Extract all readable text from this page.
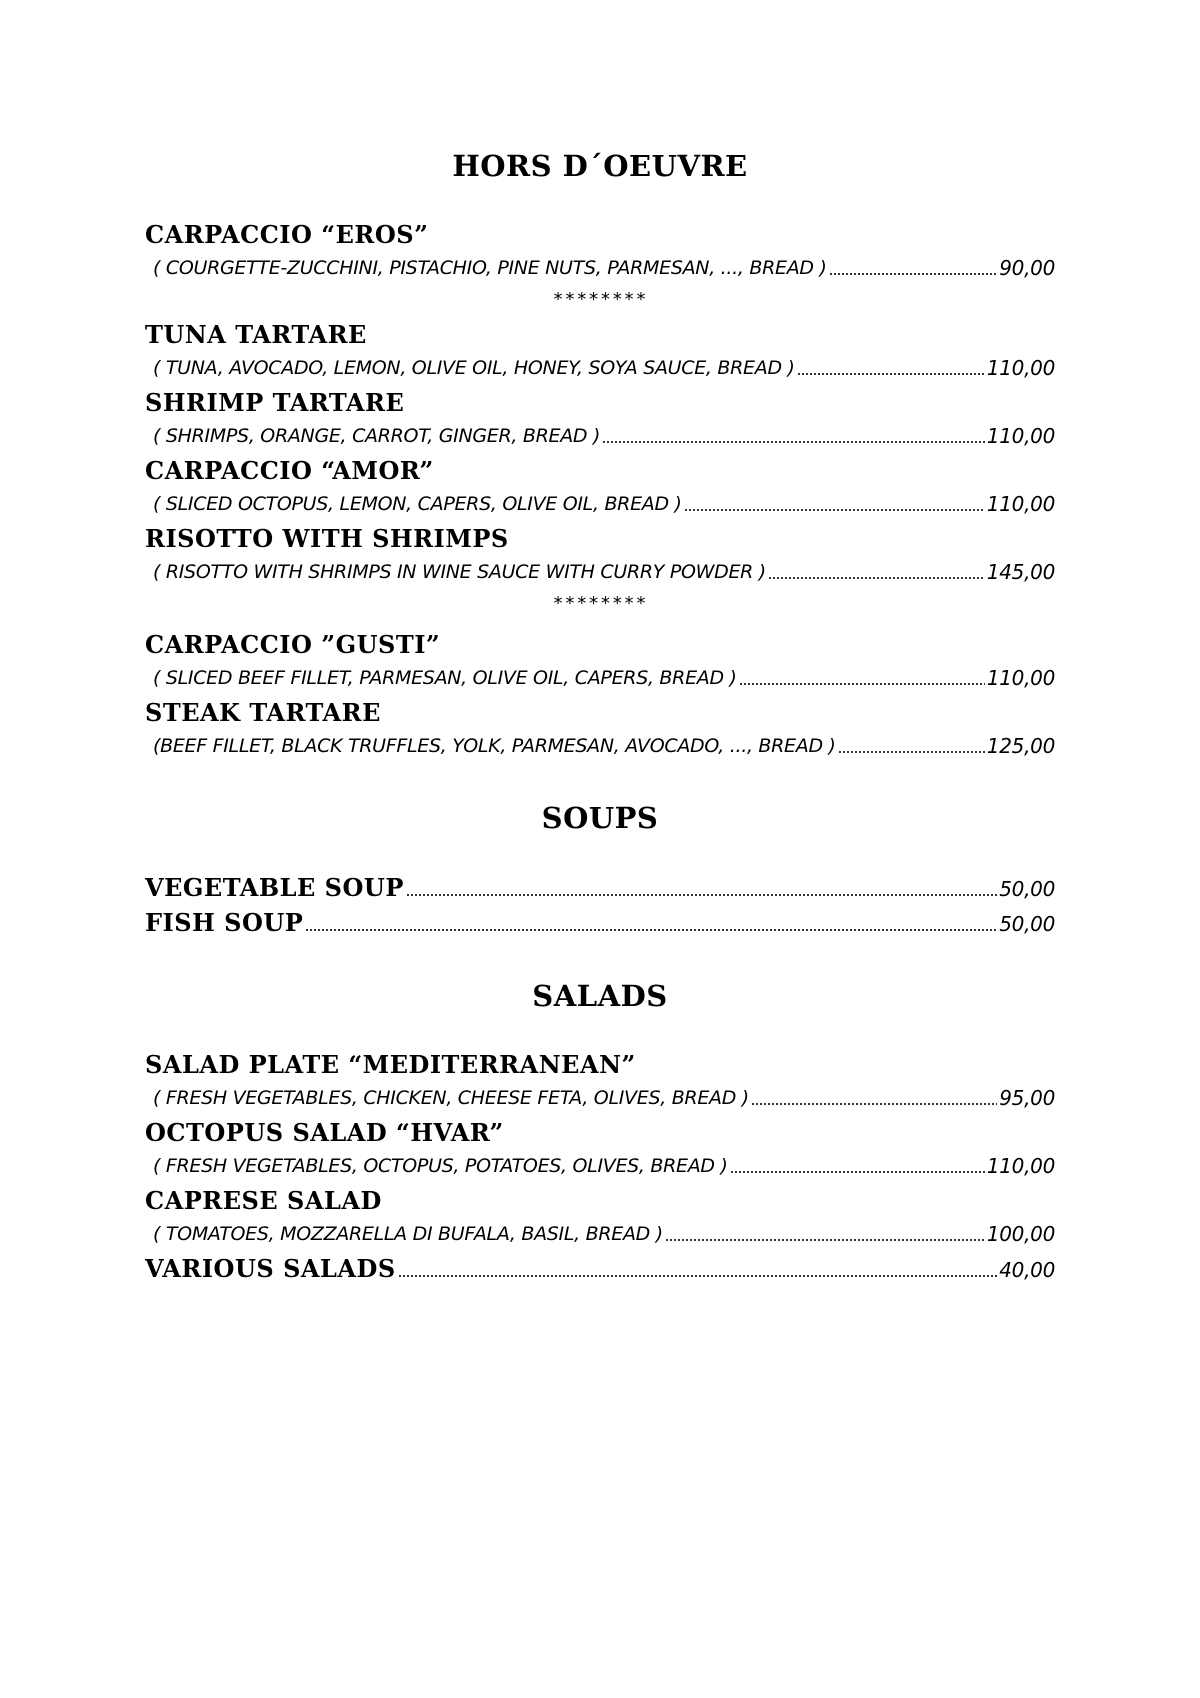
HORS D´OEUVRE
CARPACCIO “EROS”
( COURGETTE-ZUCCHINI, PISTACHIO, PINE NUTS, PARMESAN, ..., BREAD )	90,00
********
TUNA TARTARE
( TUNA, AVOCADO, LEMON, OLIVE OIL, HONEY, SOYA SAUCE, BREAD )	110,00
SHRIMP TARTARE
( SHRIMPS, ORANGE, CARROT, GINGER, BREAD )	110,00
CARPACCIO “AMOR”
( SLICED OCTOPUS, LEMON, CAPERS, OLIVE OIL, BREAD )	110,00
RISOTTO WITH SHRIMPS
( RISOTTO WITH SHRIMPS IN WINE SAUCE WITH CURRY POWDER )	145,00
********
CARPACCIO ”GUSTI”
( SLICED BEEF FILLET, PARMESAN, OLIVE OIL, CAPERS, BREAD )	110,00
STEAK TARTARE
(BEEF FILLET, BLACK TRUFFLES, YOLK, PARMESAN, AVOCADO, ..., BREAD )	125,00
SOUPS
VEGETABLE SOUP	50,00
FISH SOUP	50,00
SALADS
SALAD PLATE “MEDITERRANEAN”
( FRESH VEGETABLES, CHICKEN, CHEESE FETA, OLIVES, BREAD )	95,00
OCTOPUS SALAD “HVAR”
( FRESH VEGETABLES, OCTOPUS, POTATOES, OLIVES, BREAD )	110,00
CAPRESE SALAD
( TOMATOES, MOZZARELLA DI BUFALA, BASIL, BREAD )	100,00
VARIOUS SALADS	40,00
